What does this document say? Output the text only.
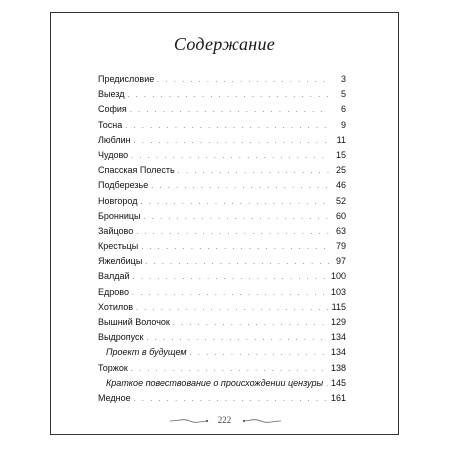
Содержание
Предисловие . . .	3
Выезд . . .	5
София . . .	6
Тосна . . .	9
Люблин . . .	11
Чудово . . .	15
Спасская Полесть . . .	25
Подберезье . . .	46
Новгород . . .	52
Бронницы . . .	60
Зайцово . . .	63
Крестьцы . . .	79
Яжелбицы . . .	97
Валдай . . .	100
Едрово . . .	103
Хотилов . . .	115
Вышний Волочок . . .	129
Выдропуск . . .	134
Проект в будущем . . .	134
Торжок . . .	138
Краткое повествование о происхождении цензуры . . . 145
Медное . . .	161
222
